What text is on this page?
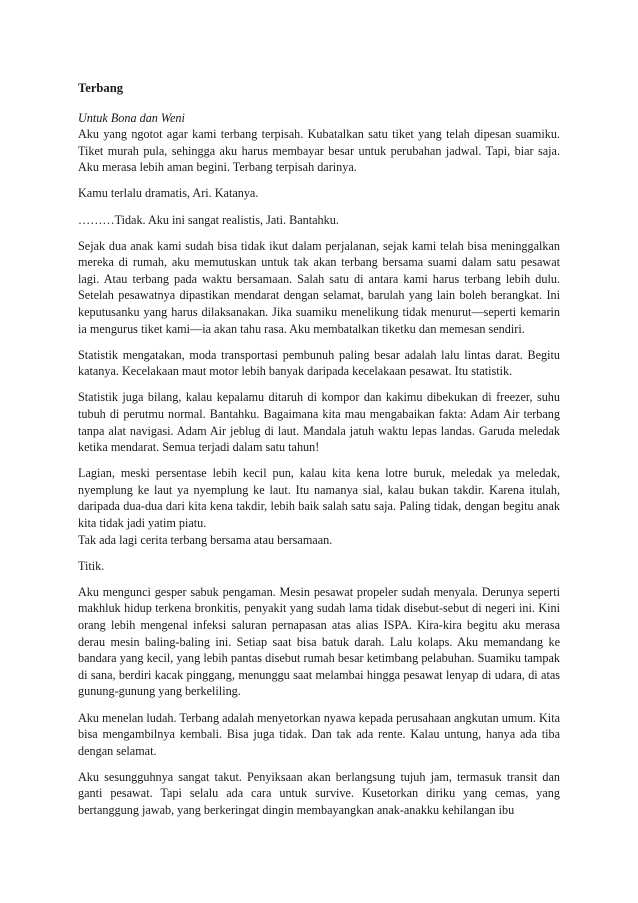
Terbang
Untuk Bona dan Weni

Aku yang ngotot agar kami terbang terpisah. Kubatalkan satu tiket yang telah dipesan suamiku. Tiket murah pula, sehingga aku harus membayar besar untuk perubahan jadwal. Tapi, biar saja. Aku merasa lebih aman begini. Terbang terpisah darinya.

Kamu terlalu dramatis, Ari. Katanya.

………Tidak. Aku ini sangat realistis, Jati. Bantahku.

Sejak dua anak kami sudah bisa tidak ikut dalam perjalanan, sejak kami telah bisa meninggalkan mereka di rumah, aku memutuskan untuk tak akan terbang bersama suami dalam satu pesawat lagi. Atau terbang pada waktu bersamaan. Salah satu di antara kami harus terbang lebih dulu. Setelah pesawatnya dipastikan mendarat dengan selamat, barulah yang lain boleh berangkat. Ini keputusanku yang harus dilaksanakan. Jika suamiku menelikung tidak menurut—seperti kemarin ia mengurus tiket kami—ia akan tahu rasa. Aku membatalkan tiketku dan memesan sendiri.

Statistik mengatakan, moda transportasi pembunuh paling besar adalah lalu lintas darat. Begitu katanya. Kecelakaan maut motor lebih banyak daripada kecelakaan pesawat. Itu statistik.

Statistik juga bilang, kalau kepalamu ditaruh di kompor dan kakimu dibekukan di freezer, suhu tubuh di perutmu normal. Bantahku. Bagaimana kita mau mengabaikan fakta: Adam Air terbang tanpa alat navigasi. Adam Air jeblug di laut. Mandala jatuh waktu lepas landas. Garuda meledak ketika mendarat. Semua terjadi dalam satu tahun!

Lagian, meski persentase lebih kecil pun, kalau kita kena lotre buruk, meledak ya meledak, nyemplung ke laut ya nyemplung ke laut. Itu namanya sial, kalau bukan takdir. Karena itulah, daripada dua-dua dari kita kena takdir, lebih baik salah satu saja. Paling tidak, dengan begitu anak kita tidak jadi yatim piatu.

Tak ada lagi cerita terbang bersama atau bersamaan.

Titik.

Aku mengunci gesper sabuk pengaman. Mesin pesawat propeler sudah menyala. Derunya seperti makhluk hidup terkena bronkitis, penyakit yang sudah lama tidak disebut-sebut di negeri ini. Kini orang lebih mengenal infeksi saluran pernapasan atas alias ISPA. Kira-kira begitu aku merasa derau mesin baling-baling ini. Setiap saat bisa batuk darah. Lalu kolaps. Aku memandang ke bandara yang kecil, yang lebih pantas disebut rumah besar ketimbang pelabuhan. Suamiku tampak di sana, berdiri kacak pinggang, menunggu saat melambai hingga pesawat lenyap di udara, di atas gunung-gunung yang berkeliling.

Aku menelan ludah. Terbang adalah menyetorkan nyawa kepada perusahaan angkutan umum. Kita bisa mengambilnya kembali. Bisa juga tidak. Dan tak ada rente. Kalau untung, hanya ada tiba dengan selamat.

Aku sesungguhnya sangat takut. Penyiksaan akan berlangsung tujuh jam, termasuk transit dan ganti pesawat. Tapi selalu ada cara untuk survive. Kusetorkan diriku yang cemas, yang bertanggung jawab, yang berkeringat dingin membayangkan anak-anakku kehilangan ibu
